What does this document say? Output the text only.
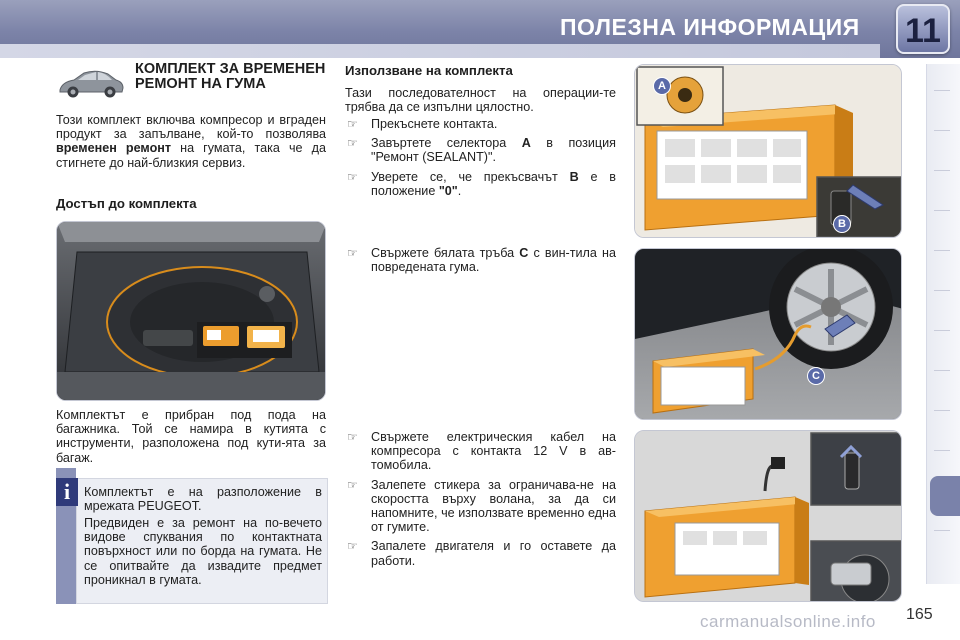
ПОЛЕЗНА ИНФОРМАЦИЯ	11
КОМПЛЕКТ ЗА ВРЕМЕНЕН РЕМОНТ НА ГУМА
Този комплект включва компресор и вграден продукт за запълване, кой-то позволява временен ремонт на гумата, така че да стигнете до най-близкия сервиз.
Достъп до комплекта
Комплектът е прибран под пода на багажника. Той се намира в кутията с инструменти, разположена под кути-ята за багаж.
i	Комплектът е на разположение в мрежата PEUGEOT.
Предвиден е за ремонт на по-вечето видове спуквания по контактната повърхност или по борда на гумата. Не се опитвайте да извадите предмет проникнал в гумата.
Използване на комплекта
Тази последователност на операции-те трябва да се изпълни цялостно.
☞ Прекъснете контакта.
☞ Завъртете селектора A в позиция "Ремонт (SEALANT)".
☞ Уверете се, че прекъсвачът B е в положение "0".
☞ Свържете бялата тръба C с вин-тила на повредената гума.
☞ Свържете електрическия кабел на компресора с контакта 12 V в ав-томобила.
☞ Залепете стикера за ограничава-не на скоростта върху волана, за да си напомните, че използвате временно една от гумите.
☞ Запалете двигателя и го оставете да работи.
A
B
C
carmanualsonline.info 165
